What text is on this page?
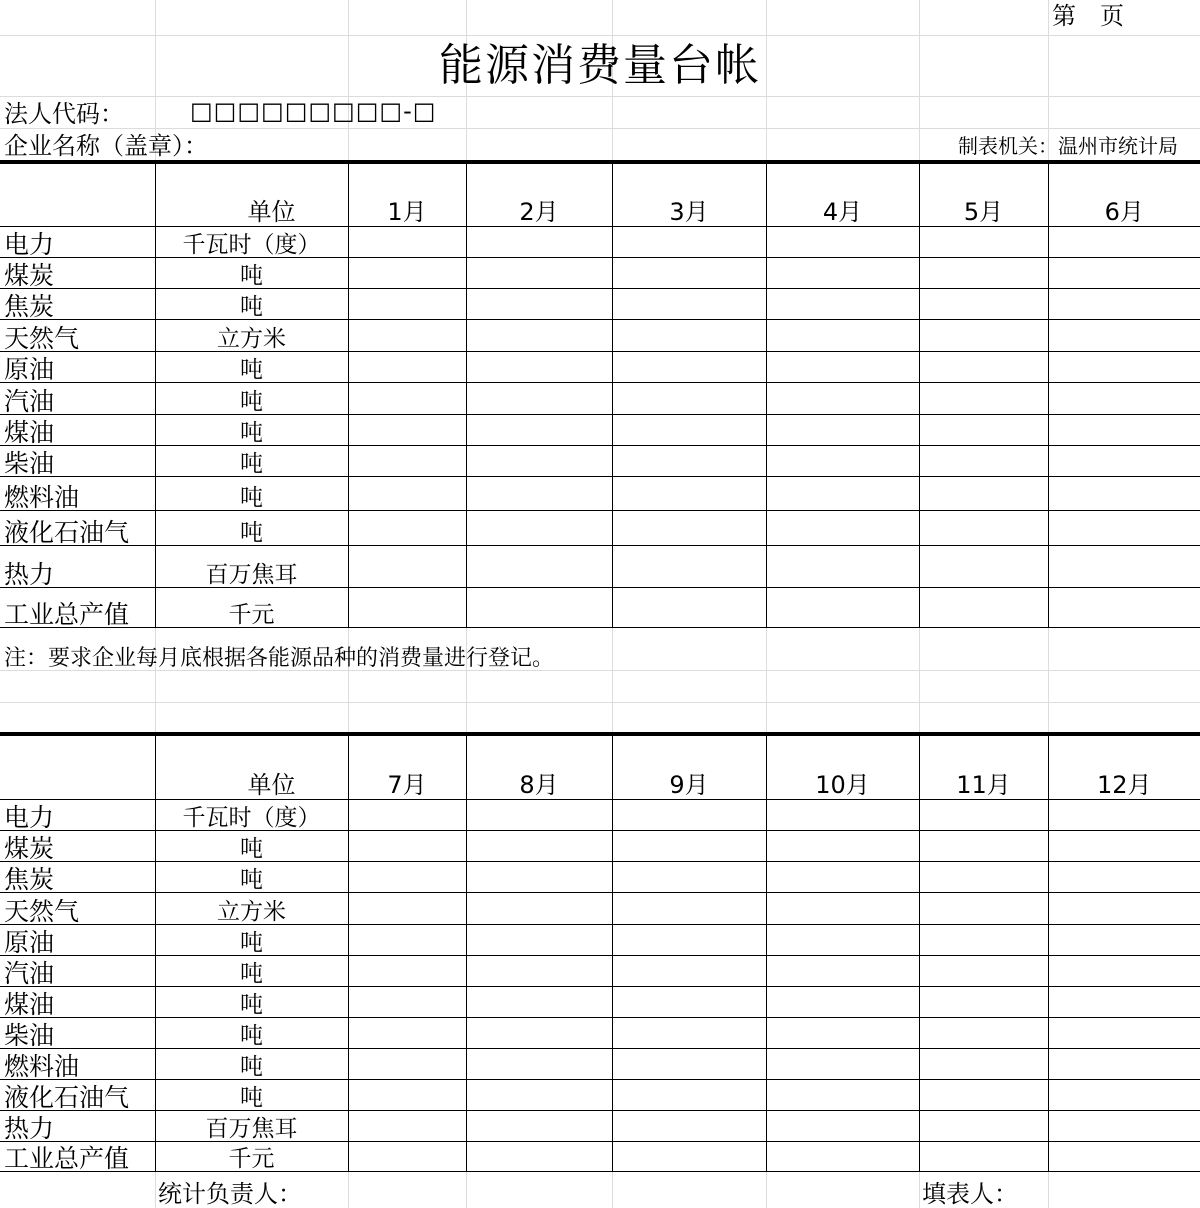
第　页
能源消费量台帐
法人代码：	□□□□□□□□□-□
企业名称（盖章）：	制表机关：温州市统计局
	单位	1月	2月	3月	4月	5月	6月
电力	千瓦时（度）						
煤炭	吨						
焦炭	吨						
天然气	立方米						
原油	吨						
汽油	吨						
煤油	吨						
柴油	吨						
燃料油	吨						
液化石油气	吨						
热力	百万焦耳						
工业总产值	千元						
注：要求企业每月底根据各能源品种的消费量进行登记。
	单位	7月	8月	9月	10月	11月	12月
电力	千瓦时（度）						
煤炭	吨						
焦炭	吨						
天然气	立方米						
原油	吨						
汽油	吨						
煤油	吨						
柴油	吨						
燃料油	吨						
液化石油气	吨						
热力	百万焦耳						
工业总产值	千元						
统计负责人：	填表人：
